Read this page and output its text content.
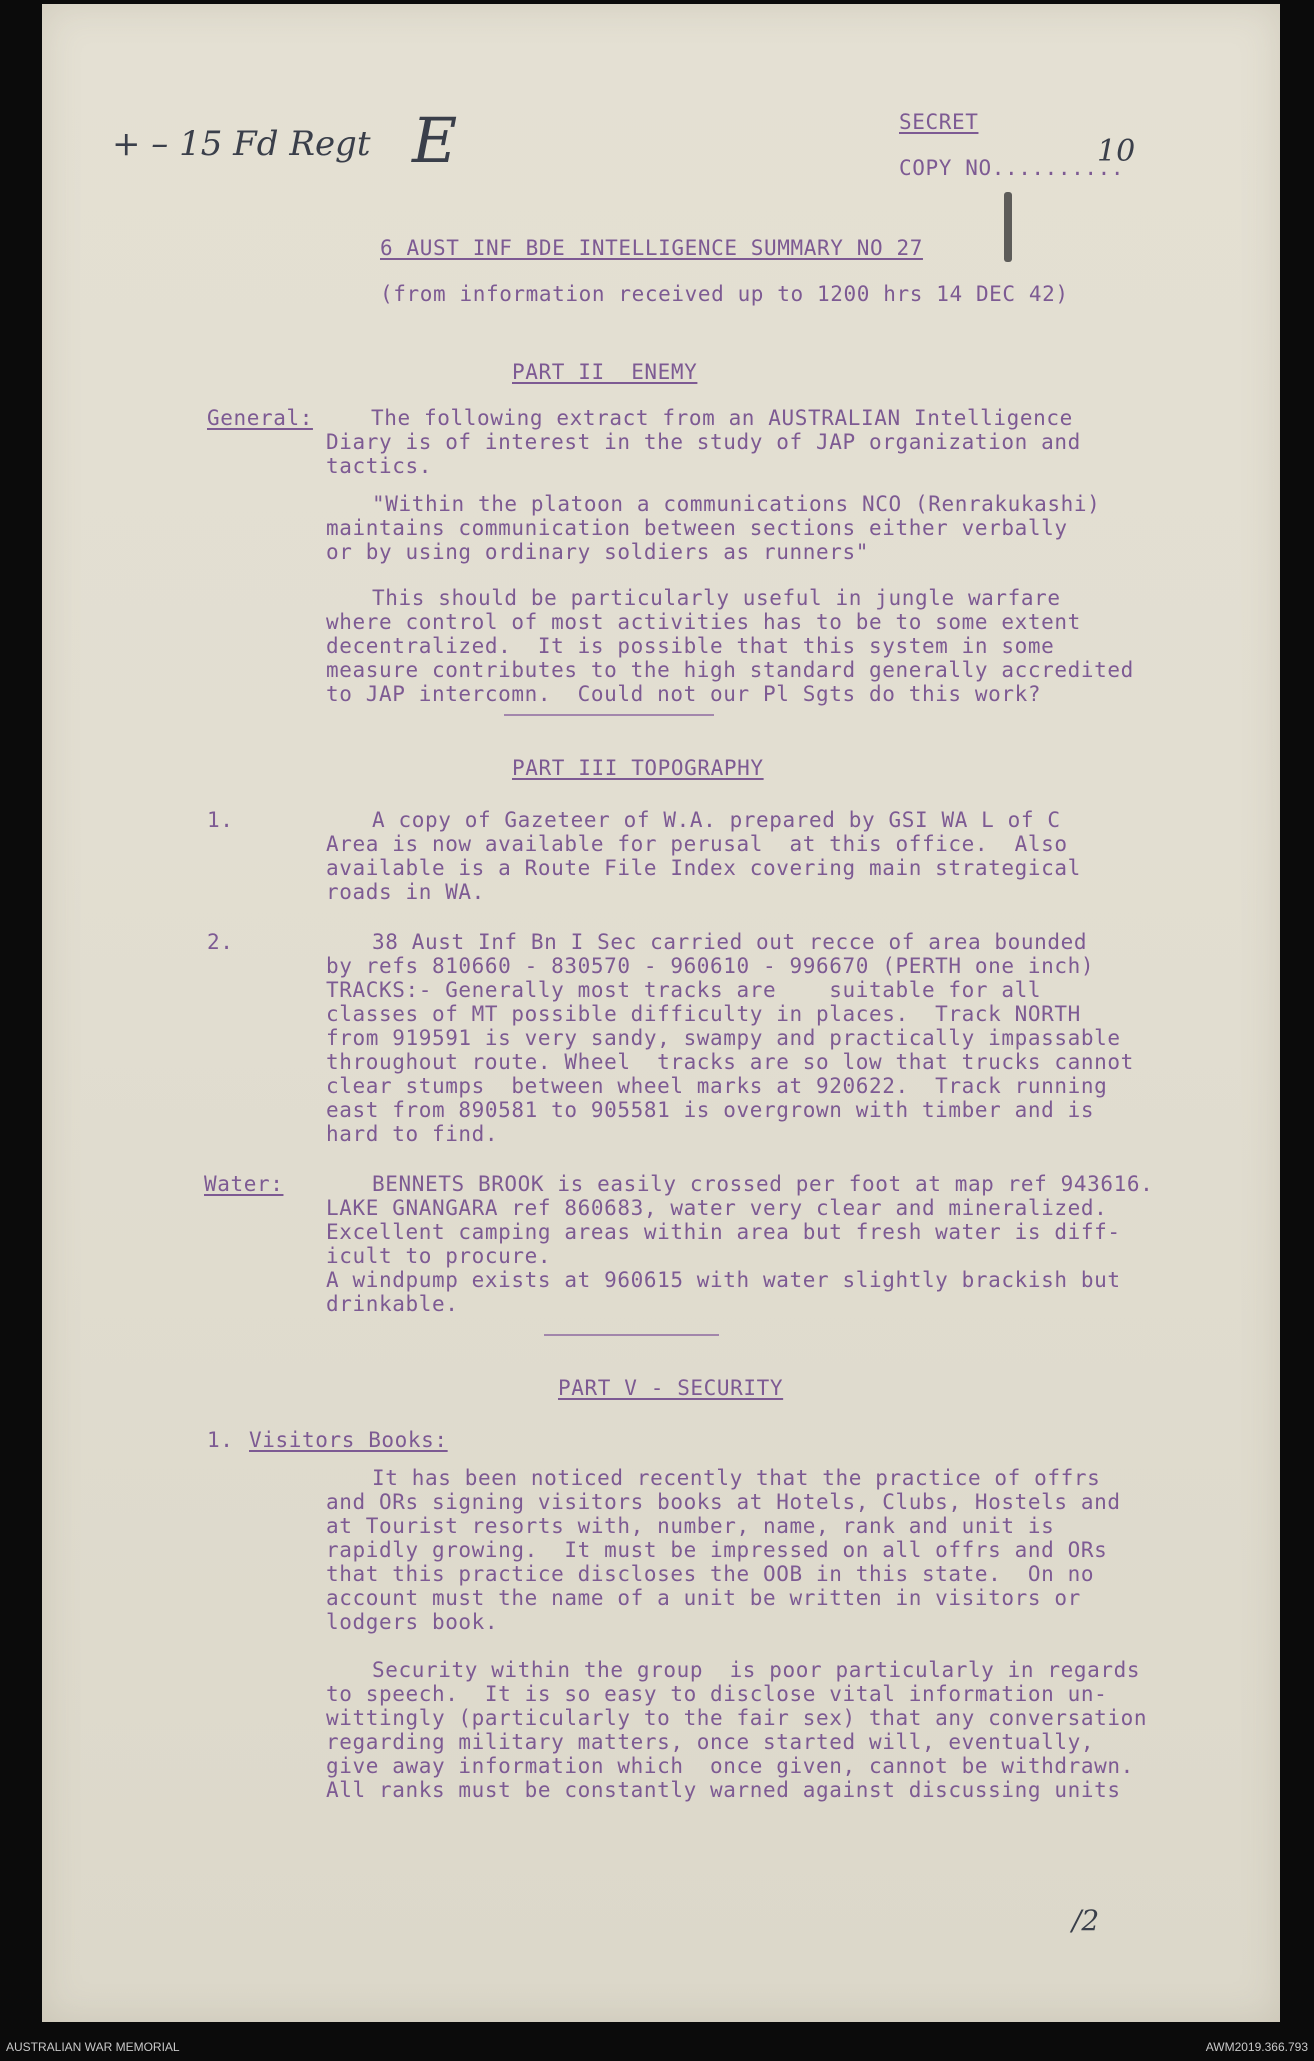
+ – 15 Fd Regt E	SECRET
COPY NO..........
10
6 AUST INF BDE INTELLIGENCE SUMMARY NO 27
(from information received up to 1200 hrs 14 DEC 42)
PART II  ENEMY
General:	The following extract from an AUSTRALIAN Intelligence
Diary is of interest in the study of JAP organization and
tactics.
"Within the platoon a communications NCO (Renrakukashi)
maintains communication between sections either verbally
or by using ordinary soldiers as runners"
This should be particularly useful in jungle warfare
where control of most activities has to be to some extent
decentralized.  It is possible that this system in some
measure contributes to the high standard generally accredited
to JAP intercomn.  Could not our Pl Sgts do this work?
PART III TOPOGRAPHY
1.	A copy of Gazeteer of W.A. prepared by GSI WA L of C
Area is now available for perusal  at this office.  Also
available is a Route File Index covering main strategical
roads in WA.
2.	38 Aust Inf Bn I Sec carried out recce of area bounded
by refs 810660 - 830570 - 960610 - 996670 (PERTH one inch)
TRACKS:- Generally most tracks are    suitable for all
classes of MT possible difficulty in places.  Track NORTH
from 919591 is very sandy, swampy and practically impassable
throughout route. Wheel  tracks are so low that trucks cannot
clear stumps  between wheel marks at 920622.  Track running
east from 890581 to 905581 is overgrown with timber and is
hard to find.
Water:	BENNETS BROOK is easily crossed per foot at map ref 943616.
LAKE GNANGARA ref 860683, water very clear and mineralized.
Excellent camping areas within area but fresh water is diff-
icult to procure.
A windpump exists at 960615 with water slightly brackish but
drinkable.
PART V - SECURITY
1. Visitors Books:
It has been noticed recently that the practice of offrs
and ORs signing visitors books at Hotels, Clubs, Hostels and
at Tourist resorts with, number, name, rank and unit is
rapidly growing.  It must be impressed on all offrs and ORs
that this practice discloses the OOB in this state.  On no
account must the name of a unit be written in visitors or
lodgers book.
Security within the group  is poor particularly in regards
to speech.  It is so easy to disclose vital information un-
wittingly (particularly to the fair sex) that any conversation
regarding military matters, once started will, eventually,
give away information which  once given, cannot be withdrawn.
All ranks must be constantly warned against discussing units
/2
AUSTRALIAN WAR MEMORIAL	AWM2019.366.793
